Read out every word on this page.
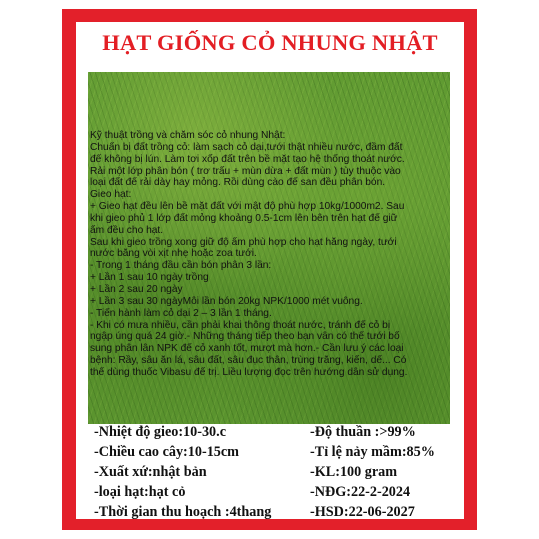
HẠT GIỐNG CỎ NHUNG NHẬT
Kỹ thuật trồng và chăm sóc cỏ nhung Nhật:
Chuẩn bị đất trồng cỏ: làm sạch cỏ dại,tưới thật nhiều nước, đầm đất
để không bị lún. Làm tơi xốp đất trên bề mặt tạo hệ thống thoát nước.
Rải một lớp phân bón ( trơ trấu + mùn dừa + đất mùn ) tùy thuộc vào
loại đất để rải dày hay mỏng. Rồi dùng cào để san đều phân bón.
Gieo hạt:
+ Gieo hạt đều lên bề mặt đất với mật độ phù hợp 10kg/1000m2. Sau
khi gieo phủ 1 lớp đất mỏng khoảng 0.5-1cm lên bên trên hạt để giữ
ẩm đều cho hạt.
Sau khi gieo trồng xong giữ độ ẩm phù hợp cho hạt hằng ngày, tưới
nước bằng vòi xịt nhẹ hoặc zoa tưới.
- Trong 1 tháng đầu cần bón phân 3 lần:
+ Lần 1 sau 10 ngày trồng
+ Lần 2 sau 20 ngày
+ Lần 3 sau 30 ngàyMỗi lần bón 20kg NPK/1000 mét vuông.
- Tiến hành làm cỏ dại 2 – 3 lần 1 tháng.
- Khi có mưa nhiều, cần phải khai thông thoát nước, tránh để cỏ bị
ngập úng quá 24 giờ.- Những tháng tiếp theo bạn vẫn có thể tưới bổ
sung phân lân NPK để cỏ xanh tốt, mượt mà hơn.- Cần lưu ý các loại
bệnh: Rầy, sâu ăn lá, sâu đất, sâu đục thân, trùng trắng, kiến, dế... Có
thể dùng thuốc Vibasu để trị. Liều lượng đọc trên hướng dẫn sử dụng.
-Nhiệt độ gieo:10-30.c	-Độ thuần :>99%
-Chiều cao cây:10-15cm	-Tỉ lệ nảy mầm:85%
-Xuất xứ:nhật bản	-KL:100 gram
-loại hạt:hạt cỏ	-NĐG:22-2-2024
-Thời gian thu hoạch :4thang	-HSD:22-06-2027
